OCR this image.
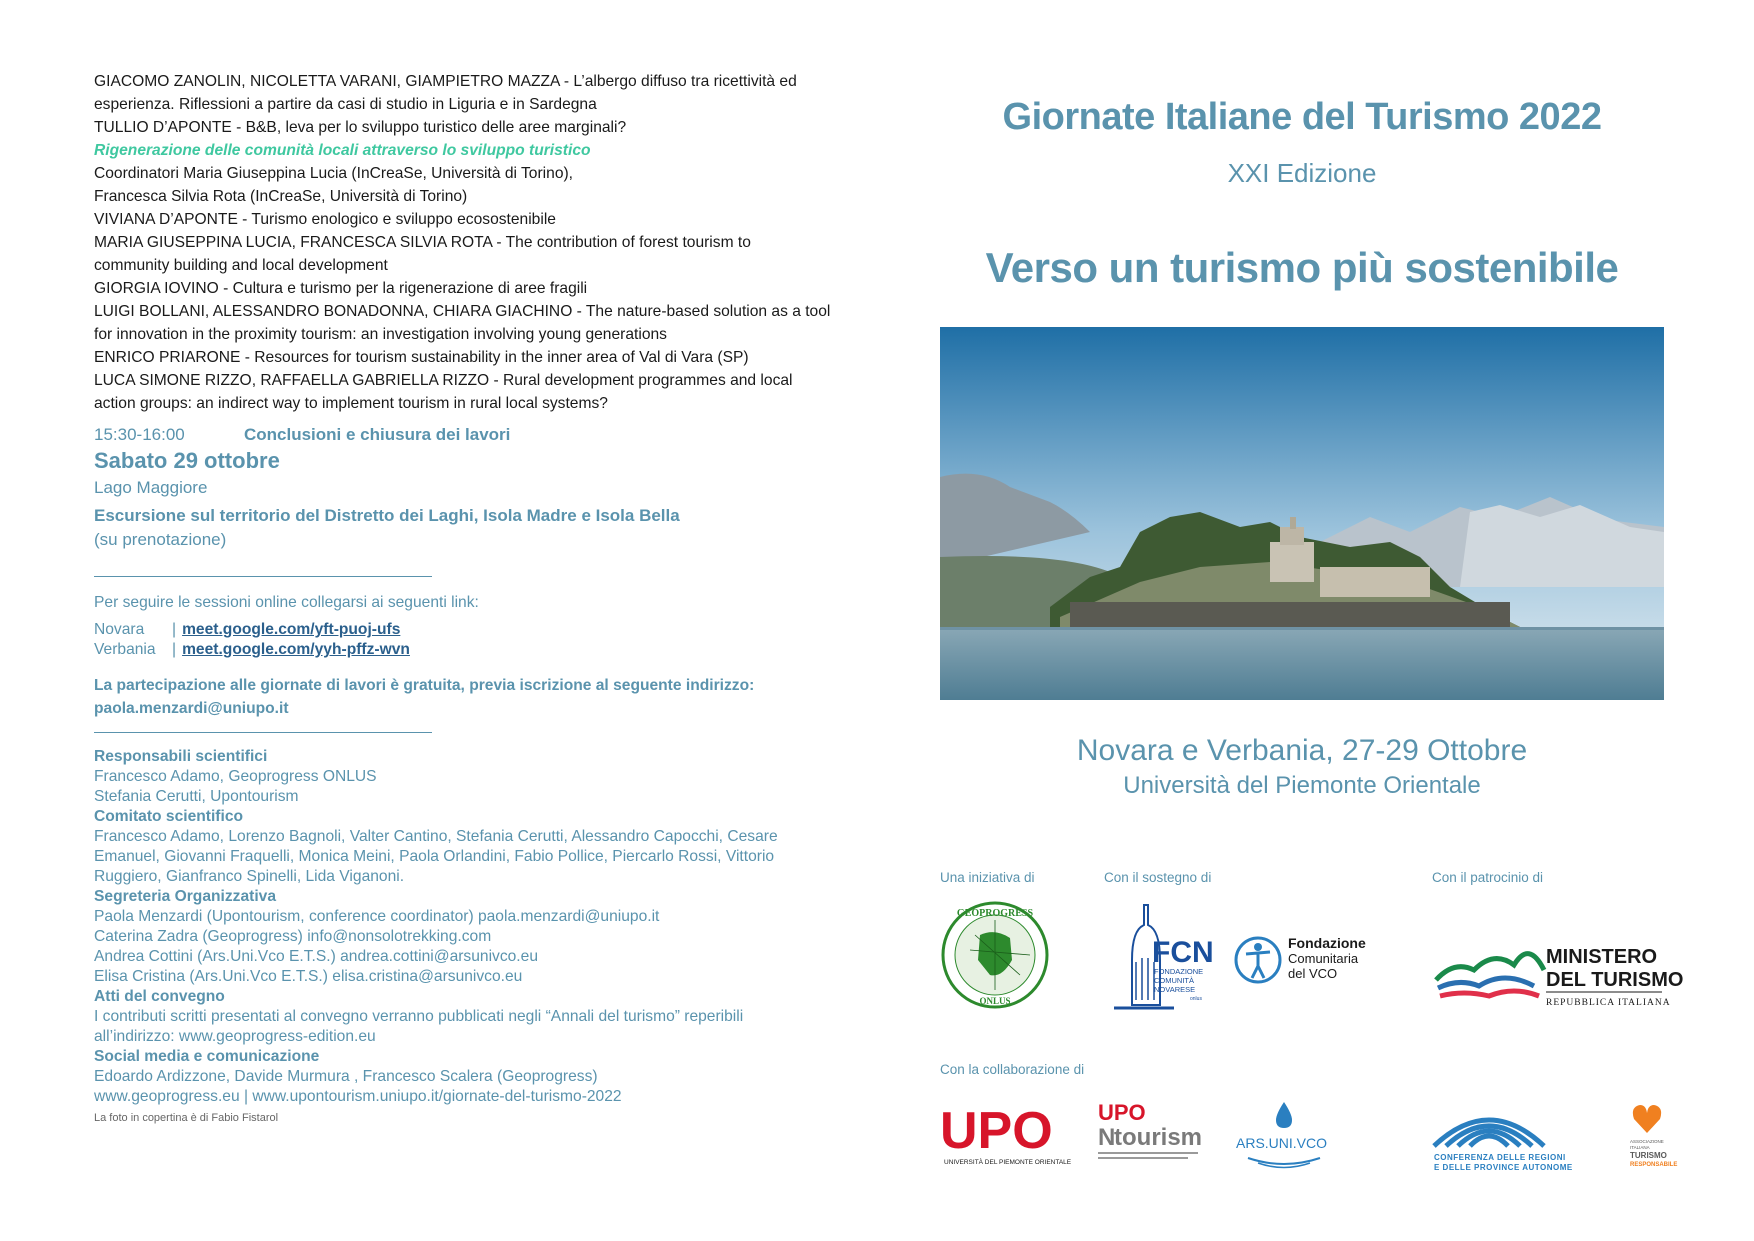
GIACOMO ZANOLIN, NICOLETTA VARANI, GIAMPIETRO MAZZA - L’albergo diffuso tra ricettività ed

esperienza. Riflessioni a partire da casi di studio in Liguria e in Sardegna

TULLIO D’APONTE - B&B, leva per lo sviluppo turistico delle aree marginali?

Rigenerazione delle comunità locali attraverso lo sviluppo turistico

Coordinatori Maria Giuseppina Lucia (InCreaSe, Università di Torino),

Francesca Silvia Rota (InCreaSe, Università di Torino)

VIVIANA D’APONTE - Turismo enologico e sviluppo ecosostenibile

MARIA GIUSEPPINA LUCIA, FRANCESCA SILVIA ROTA - The contribution of forest tourism to

community building and local development

GIORGIA IOVINO - Cultura e turismo per la rigenerazione di aree fragili

LUIGI BOLLANI, ALESSANDRO BONADONNA, CHIARA GIACHINO - The nature-based solution as a tool

for innovation in the proximity tourism: an investigation involving young generations

ENRICO PRIARONE - Resources for tourism sustainability in the inner area of Val di Vara (SP)

LUCA SIMONE RIZZO, RAFFAELLA GABRIELLA RIZZO - Rural development programmes and local

action groups: an indirect way to implement tourism in rural local systems?

15:30-16:00	Conclusioni e chiusura dei lavori

Sabato 29 ottobre

Lago Maggiore

Escursione sul territorio del Distretto dei Laghi, Isola Madre e Isola Bella

(su prenotazione)

Per seguire le sessioni online collegarsi ai seguenti link:

Novara	| meet.google.com/yft-puoj-ufs
Verbania	| meet.google.com/yyh-pffz-wvn

La partecipazione alle giornate di lavori è gratuita, previa iscrizione al seguente indirizzo:

paola.menzardi@uniupo.it

Responsabili scientifici

Francesco Adamo, Geoprogress ONLUS

Stefania Cerutti, Upontourism

Comitato scientifico

Francesco Adamo, Lorenzo Bagnoli, Valter Cantino, Stefania Cerutti, Alessandro Capocchi, Cesare

Emanuel, Giovanni Fraquelli, Monica Meini, Paola Orlandini, Fabio Pollice, Piercarlo Rossi, Vittorio

Ruggiero, Gianfranco Spinelli, Lida Viganoni.

Segreteria Organizzativa

Paola Menzardi (Upontourism, conference coordinator) paola.menzardi@uniupo.it

Caterina Zadra (Geoprogress) info@nonsolotrekking.com

Andrea Cottini (Ars.Uni.Vco E.T.S.) andrea.cottini@arsunivco.eu

Elisa Cristina (Ars.Uni.Vco E.T.S.) elisa.cristina@arsunivco.eu

Atti del convegno

I contributi scritti presentati al convegno verranno pubblicati negli “Annali del turismo” reperibili

all’indirizzo: www.geoprogress-edition.eu

Social media e comunicazione

Edoardo Ardizzone, Davide Murmura , Francesco Scalera (Geoprogress)

www.geoprogress.eu | www.upontourism.uniupo.it/giornate-del-turismo-2022

La foto in copertina è di Fabio Fistarol

Giornate Italiane del Turismo 2022
XXI Edizione
Verso un turismo più sostenibile
Novara e Verbania, 27-29 Ottobre
Università del Piemonte Orientale
Una iniziativa di	Con il sostegno di	Con il patrocinio di
Con la collaborazione di
GEOPROGRESS
ONLUS
FCN
FONDAZIONE
COMUNITÀ
NOVARESE
onlus
Fondazione
Comunitaria
del VCO
MINISTERO
DEL TURISMO
REPUBBLICA ITALIANA
UPO
UNIVERSITÀ DEL PIEMONTE ORIENTALE
UPO
N
tourism ARS.UNI.VCO
CONFERENZA DELLE REGIONI
E DELLE PROVINCE AUTONOME
ASSOCIAZIONE
ITALIANA
TURISMO
RESPONSABILE
